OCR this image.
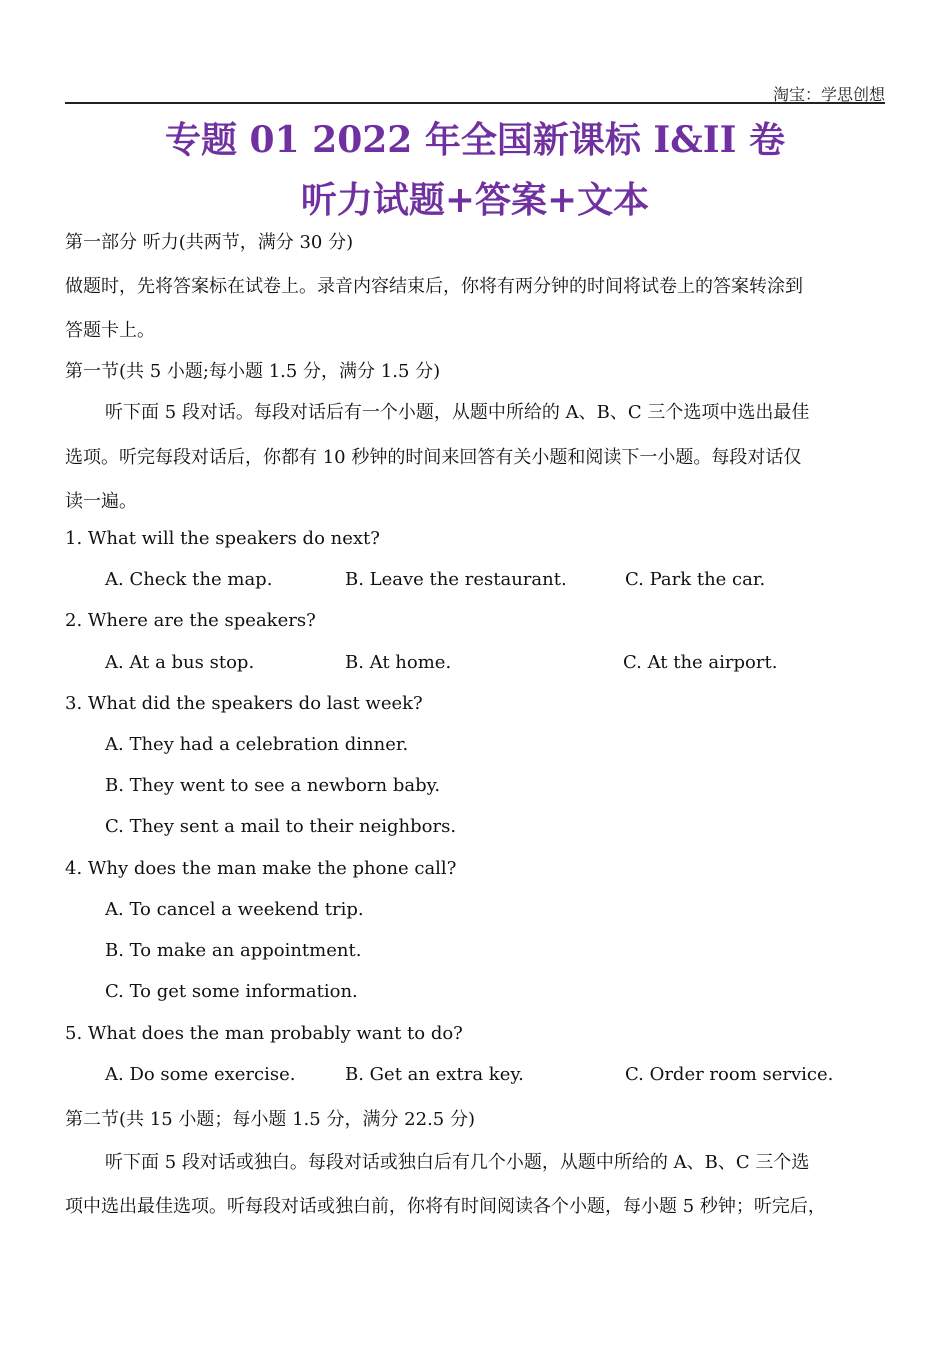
淘宝：学思创想
专题 01 2022 年全国新课标 I&II 卷
听力试题+答案+文本
第一部分 听力(共两节，满分 30 分)
做题时，先将答案标在试卷上。录音内容结束后，你将有两分钟的时间将试卷上的答案转涂到
答题卡上。
第一节(共 5 小题;每小题 1.5 分，满分 1.5 分)
听下面 5 段对话。每段对话后有一个小题，从题中所给的 A、B、C 三个选项中选出最佳
选项。听完每段对话后，你都有 10 秒钟的时间来回答有关小题和阅读下一小题。每段对话仅
读一遍。
1. What will the speakers do next?
A. Check the map.	B. Leave the restaurant.	C. Park the car.
2. Where are the speakers?
A. At a bus stop.	B. At home.	C. At the airport.
3. What did the speakers do last week?
A. They had a celebration dinner.
B. They went to see a newborn baby.
C. They sent a mail to their neighbors.
4. Why does the man make the phone call?
A. To cancel a weekend trip.
B. To make an appointment.
C. To get some information.
5. What does the man probably want to do?
A. Do some exercise.	B. Get an extra key.	C. Order room service.
第二节(共 15 小题；每小题 1.5 分，满分 22.5 分)
听下面 5 段对话或独白。每段对话或独白后有几个小题，从题中所给的 A、B、C 三个选
项中选出最佳选项。听每段对话或独白前，你将有时间阅读各个小题，每小题 5 秒钟；听完后，
